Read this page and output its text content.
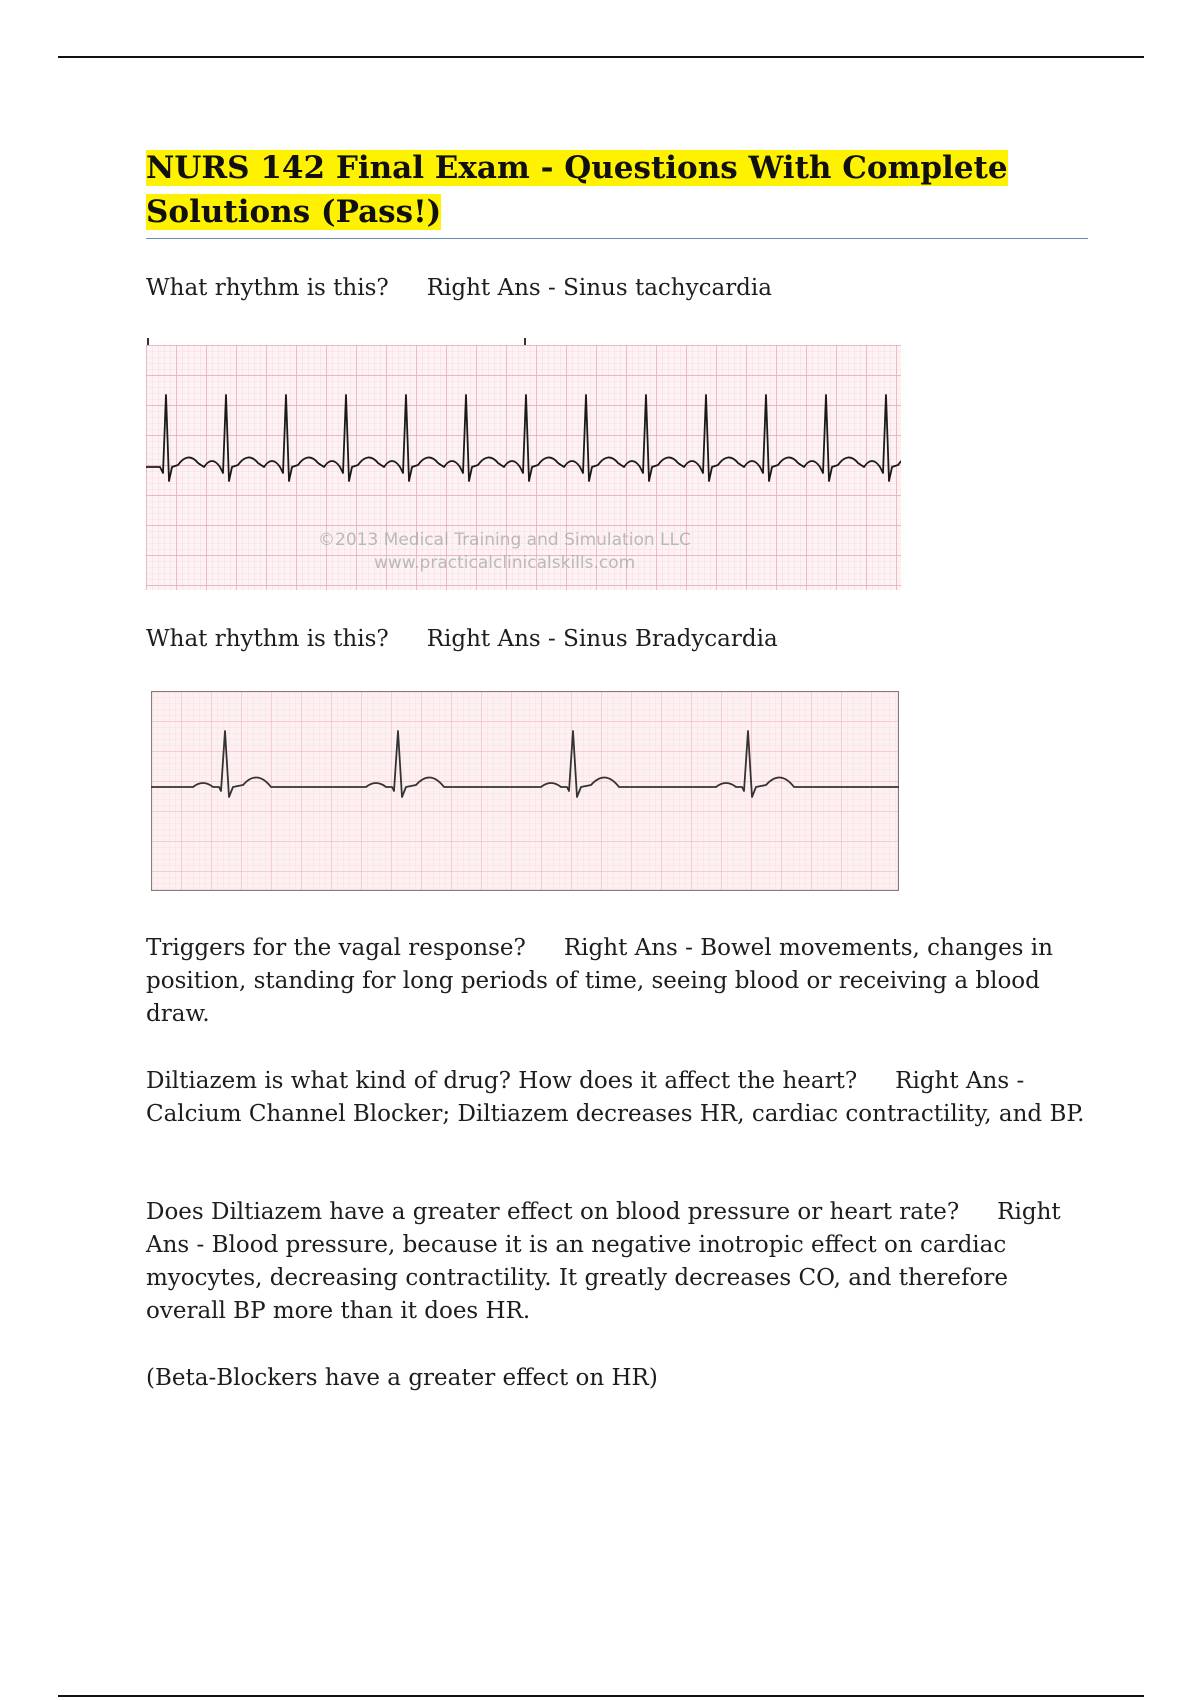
NURS 142 Final Exam - Questions With Complete Solutions (Pass!)

What rhythm is this? Right Ans - Sinus tachycardia

©2013 Medical Training and Simulation LLC
www.practicalclinicalskills.com

What rhythm is this? Right Ans - Sinus Bradycardia

Triggers for the vagal response? Right Ans - Bowel movements, changes in position, standing for long periods of time, seeing blood or receiving a blood draw.

Diltiazem is what kind of drug? How does it affect the heart? Right Ans - Calcium Channel Blocker; Diltiazem decreases HR, cardiac contractility, and BP.

Does Diltiazem have a greater effect on blood pressure or heart rate? Right Ans - Blood pressure, because it is an negative inotropic effect on cardiac myocytes, decreasing contractility. It greatly decreases CO, and therefore overall BP more than it does HR.

(Beta-Blockers have a greater effect on HR)
